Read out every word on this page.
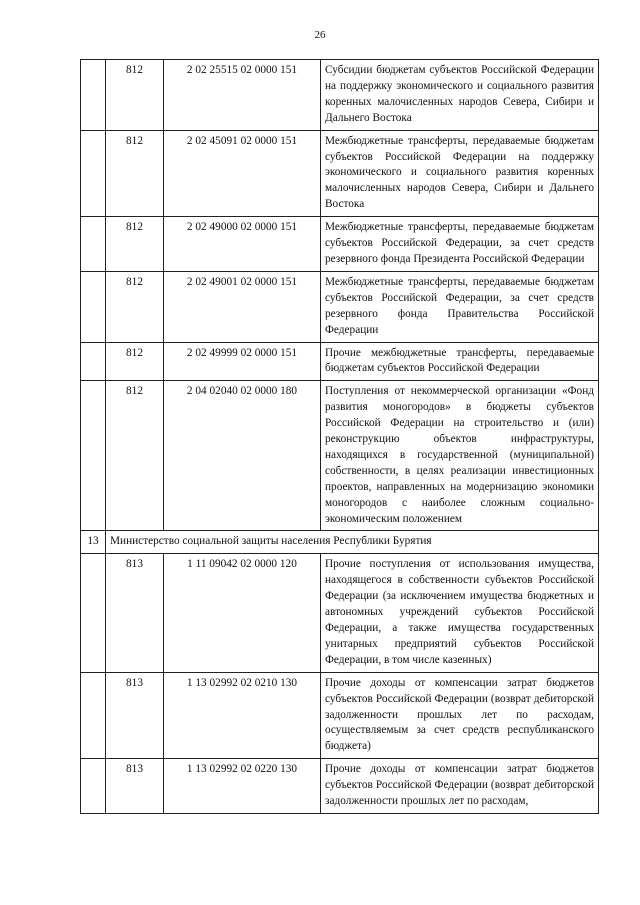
26
	812	2 02 25515 02 0000 151	Субсидии бюджетам субъектов Российской Федерации на поддержку экономического и социального развития коренных малочисленных народов Севера, Сибири и Дальнего Востока
	812	2 02 45091 02 0000 151	Межбюджетные трансферты, передаваемые бюджетам субъектов Российской Федерации на поддержку экономического и социального развития коренных малочисленных народов Севера, Сибири и Дальнего Востока
	812	2 02 49000 02 0000 151	Межбюджетные трансферты, передаваемые бюджетам субъектов Российской Федерации, за счет средств резервного фонда Президента Российской Федерации
	812	2 02 49001 02 0000 151	Межбюджетные трансферты, передаваемые бюджетам субъектов Российской Федерации, за счет средств резервного фонда Правительства Российской Федерации
	812	2 02 49999 02 0000 151	Прочие межбюджетные трансферты, передаваемые бюджетам субъектов Российской Федерации
	812	2 04 02040 02 0000 180	Поступления от некоммерческой организации «Фонд развития моногородов» в бюджеты субъектов Российской Федерации на строительство и (или) реконструкцию объектов инфраструктуры, находящихся в государственной (муниципальной) собственности, в целях реализации инвестиционных проектов, направленных на модернизацию экономики моногородов с наиболее сложным социально-экономическим положением
13	Министерство социальной защиты населения Республики Бурятия		
	813	1 11 09042 02 0000 120	Прочие поступления от использования имущества, находящегося в собственности субъектов Российской Федерации (за исключением имущества бюджетных и автономных учреждений субъектов Российской Федерации, а также имущества государственных унитарных предприятий субъектов Российской Федерации, в том числе казенных)
	813	1 13 02992 02 0210 130	Прочие доходы от компенсации затрат бюджетов субъектов Российской Федерации (возврат дебиторской задолженности прошлых лет по расходам, осуществляемым за счет средств республиканского бюджета)
	813	1 13 02992 02 0220 130	Прочие доходы от компенсации затрат бюджетов субъектов Российской Федерации (возврат дебиторской задолженности прошлых лет по расходам,
